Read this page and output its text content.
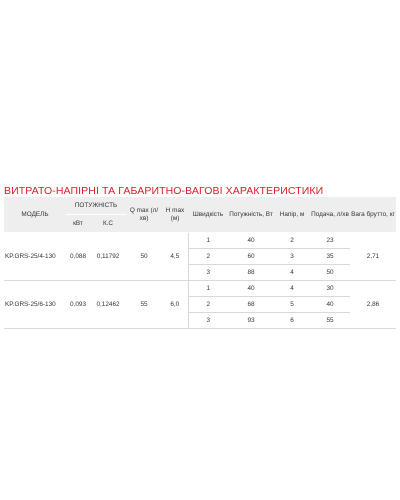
ВИТРАТО-НАПІРНІ ТА ГАБАРИТНО-ВАГОВІ ХАРАКТЕРИСТИКИ
МОДЕЛЬ	ПОТУЖНІСТЬ		Q max (л/хв)	H max (м)	Швидкість	Потужність, Вт	Напір, м	Подача, л/хв	Вага брутто, кг
	кВт	К.С							
KP.GRS-25/4-130	0,088	0,11792	50	4,5	1	40	2	23	2,71
					2	60	3	35	
					3	88	4	50	
KP.GRS-25/6-130	0,093	0,12462	55	6,0	1	40	4	30	2,86
					2	68	5	40	
					3	93	6	55	
